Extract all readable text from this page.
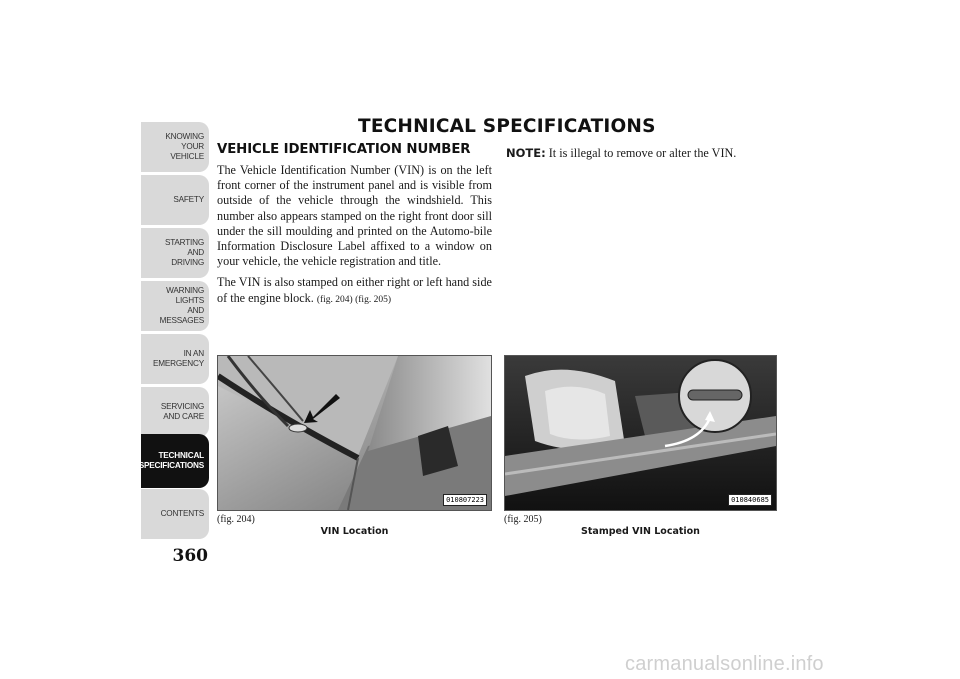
KNOWING
YOUR
VEHICLE
SAFETY
STARTING
AND
DRIVING
WARNING
LIGHTS
AND
MESSAGES
IN AN
EMERGENCY
SERVICING
AND CARE
TECHNICAL
SPECIFICATIONS
CONTENTS
360
TECHNICAL SPECIFICATIONS
VEHICLE IDENTIFICATION NUMBER

The Vehicle Identification Number (VIN) is on the left front corner of the instrument panel and is visible from outside of the vehicle through the windshield. This number also appears stamped on the right front door sill under the sill moulding and printed on the Automo-bile Information Disclosure Label affixed to a window on your vehicle, the vehicle registration and title.

The VIN is also stamped on either right or left hand side of the engine block. (fig. 204) (fig. 205)

NOTE: It is illegal to remove or alter the VIN.
010807223
(fig. 204)
VIN Location
010840685
(fig. 205)
Stamped VIN Location
carmanualsonline.info
